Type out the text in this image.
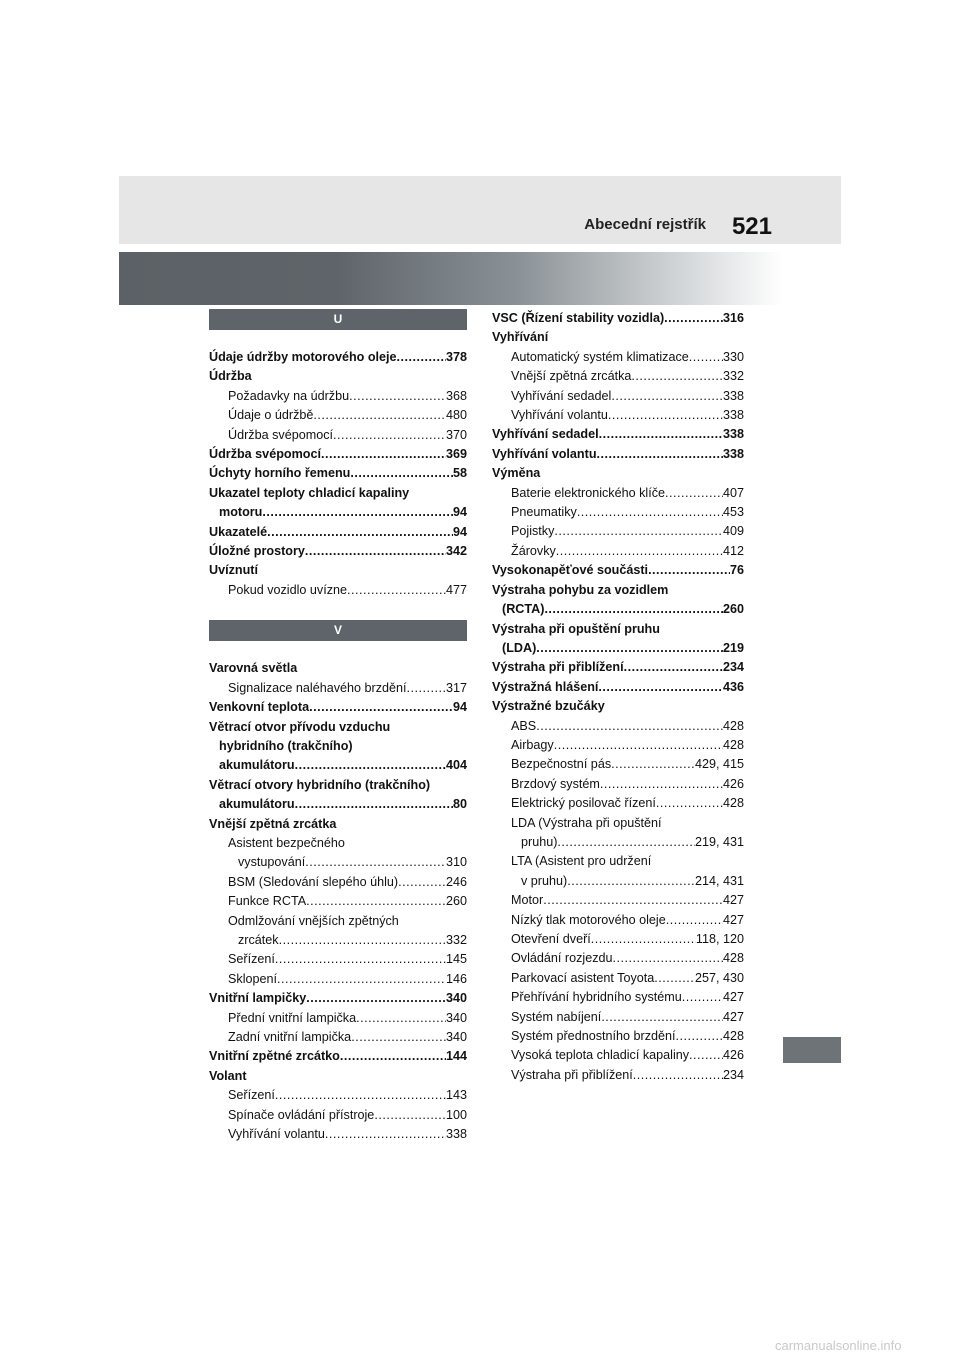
Abecední rejstřík 521
U
Údaje údržby motorového oleje .....	378
Údržba
Požadavky na údržbu .....	368
Údaje o údržbě .....	480
Údržba svépomocí .....	370
Údržba svépomocí .....	369
Úchyty horního řemenu .....	58
Ukazatel teploty chladicí kapaliny
motoru .....	94
Ukazatelé .....	94
Úložné prostory .....	342
Uvíznutí
Pokud vozidlo uvízne .....	477
V
Varovná světla
Signalizace naléhavého brzdění .....	317
Venkovní teplota .....	94
Větrací otvor přívodu vzduchu
hybridního (trakčního)
akumulátoru .....	404
Větrací otvory hybridního (trakčního)
akumulátoru .....	80
Vnější zpětná zrcátka
Asistent bezpečného
vystupování .....	310
BSM (Sledování slepého úhlu) .....	246
Funkce RCTA .....	260
Odmlžování vnějších zpětných
zrcátek .....	332
Seřízení .....	145
Sklopení .....	146
Vnitřní lampičky .....	340
Přední vnitřní lampička .....	340
Zadní vnitřní lampička .....	340
Vnitřní zpětné zrcátko .....	144
Volant
Seřízení .....	143
Spínače ovládání přístroje .....	100
Vyhřívání volantu .....	338
VSC (Řízení stability vozidla) .....	316
Vyhřívání
Automatický systém klimatizace .....	330
Vnější zpětná zrcátka .....	332
Vyhřívání sedadel .....	338
Vyhřívání volantu .....	338
Vyhřívání sedadel .....	338
Vyhřívání volantu .....	338
Výměna
Baterie elektronického klíče .....	407
Pneumatiky .....	453
Pojistky .....	409
Žárovky .....	412
Vysokonapěťové součásti .....	76
Výstraha pohybu za vozidlem
(RCTA) .....	260
Výstraha při opuštění pruhu
(LDA) .....	219
Výstraha při přiblížení .....	234
Výstražná hlášení .....	436
Výstražné bzučáky
ABS .....	428
Airbagy .....	428
Bezpečnostní pás .....	429, 415
Brzdový systém .....	426
Elektrický posilovač řízení .....	428
LDA (Výstraha při opuštění
pruhu) .....	219, 431
LTA (Asistent pro udržení
v pruhu) .....	214, 431
Motor .....	427
Nízký tlak motorového oleje .....	427
Otevření dveří .....	118, 120
Ovládání rozjezdu .....	428
Parkovací asistent Toyota .....	257, 430
Přehřívání hybridního systému .....	427
Systém nabíjení .....	427
Systém přednostního brzdění .....	428
Vysoká teplota chladicí kapaliny .....	426
Výstraha při přiblížení .....	234
carmanualsonline.info
